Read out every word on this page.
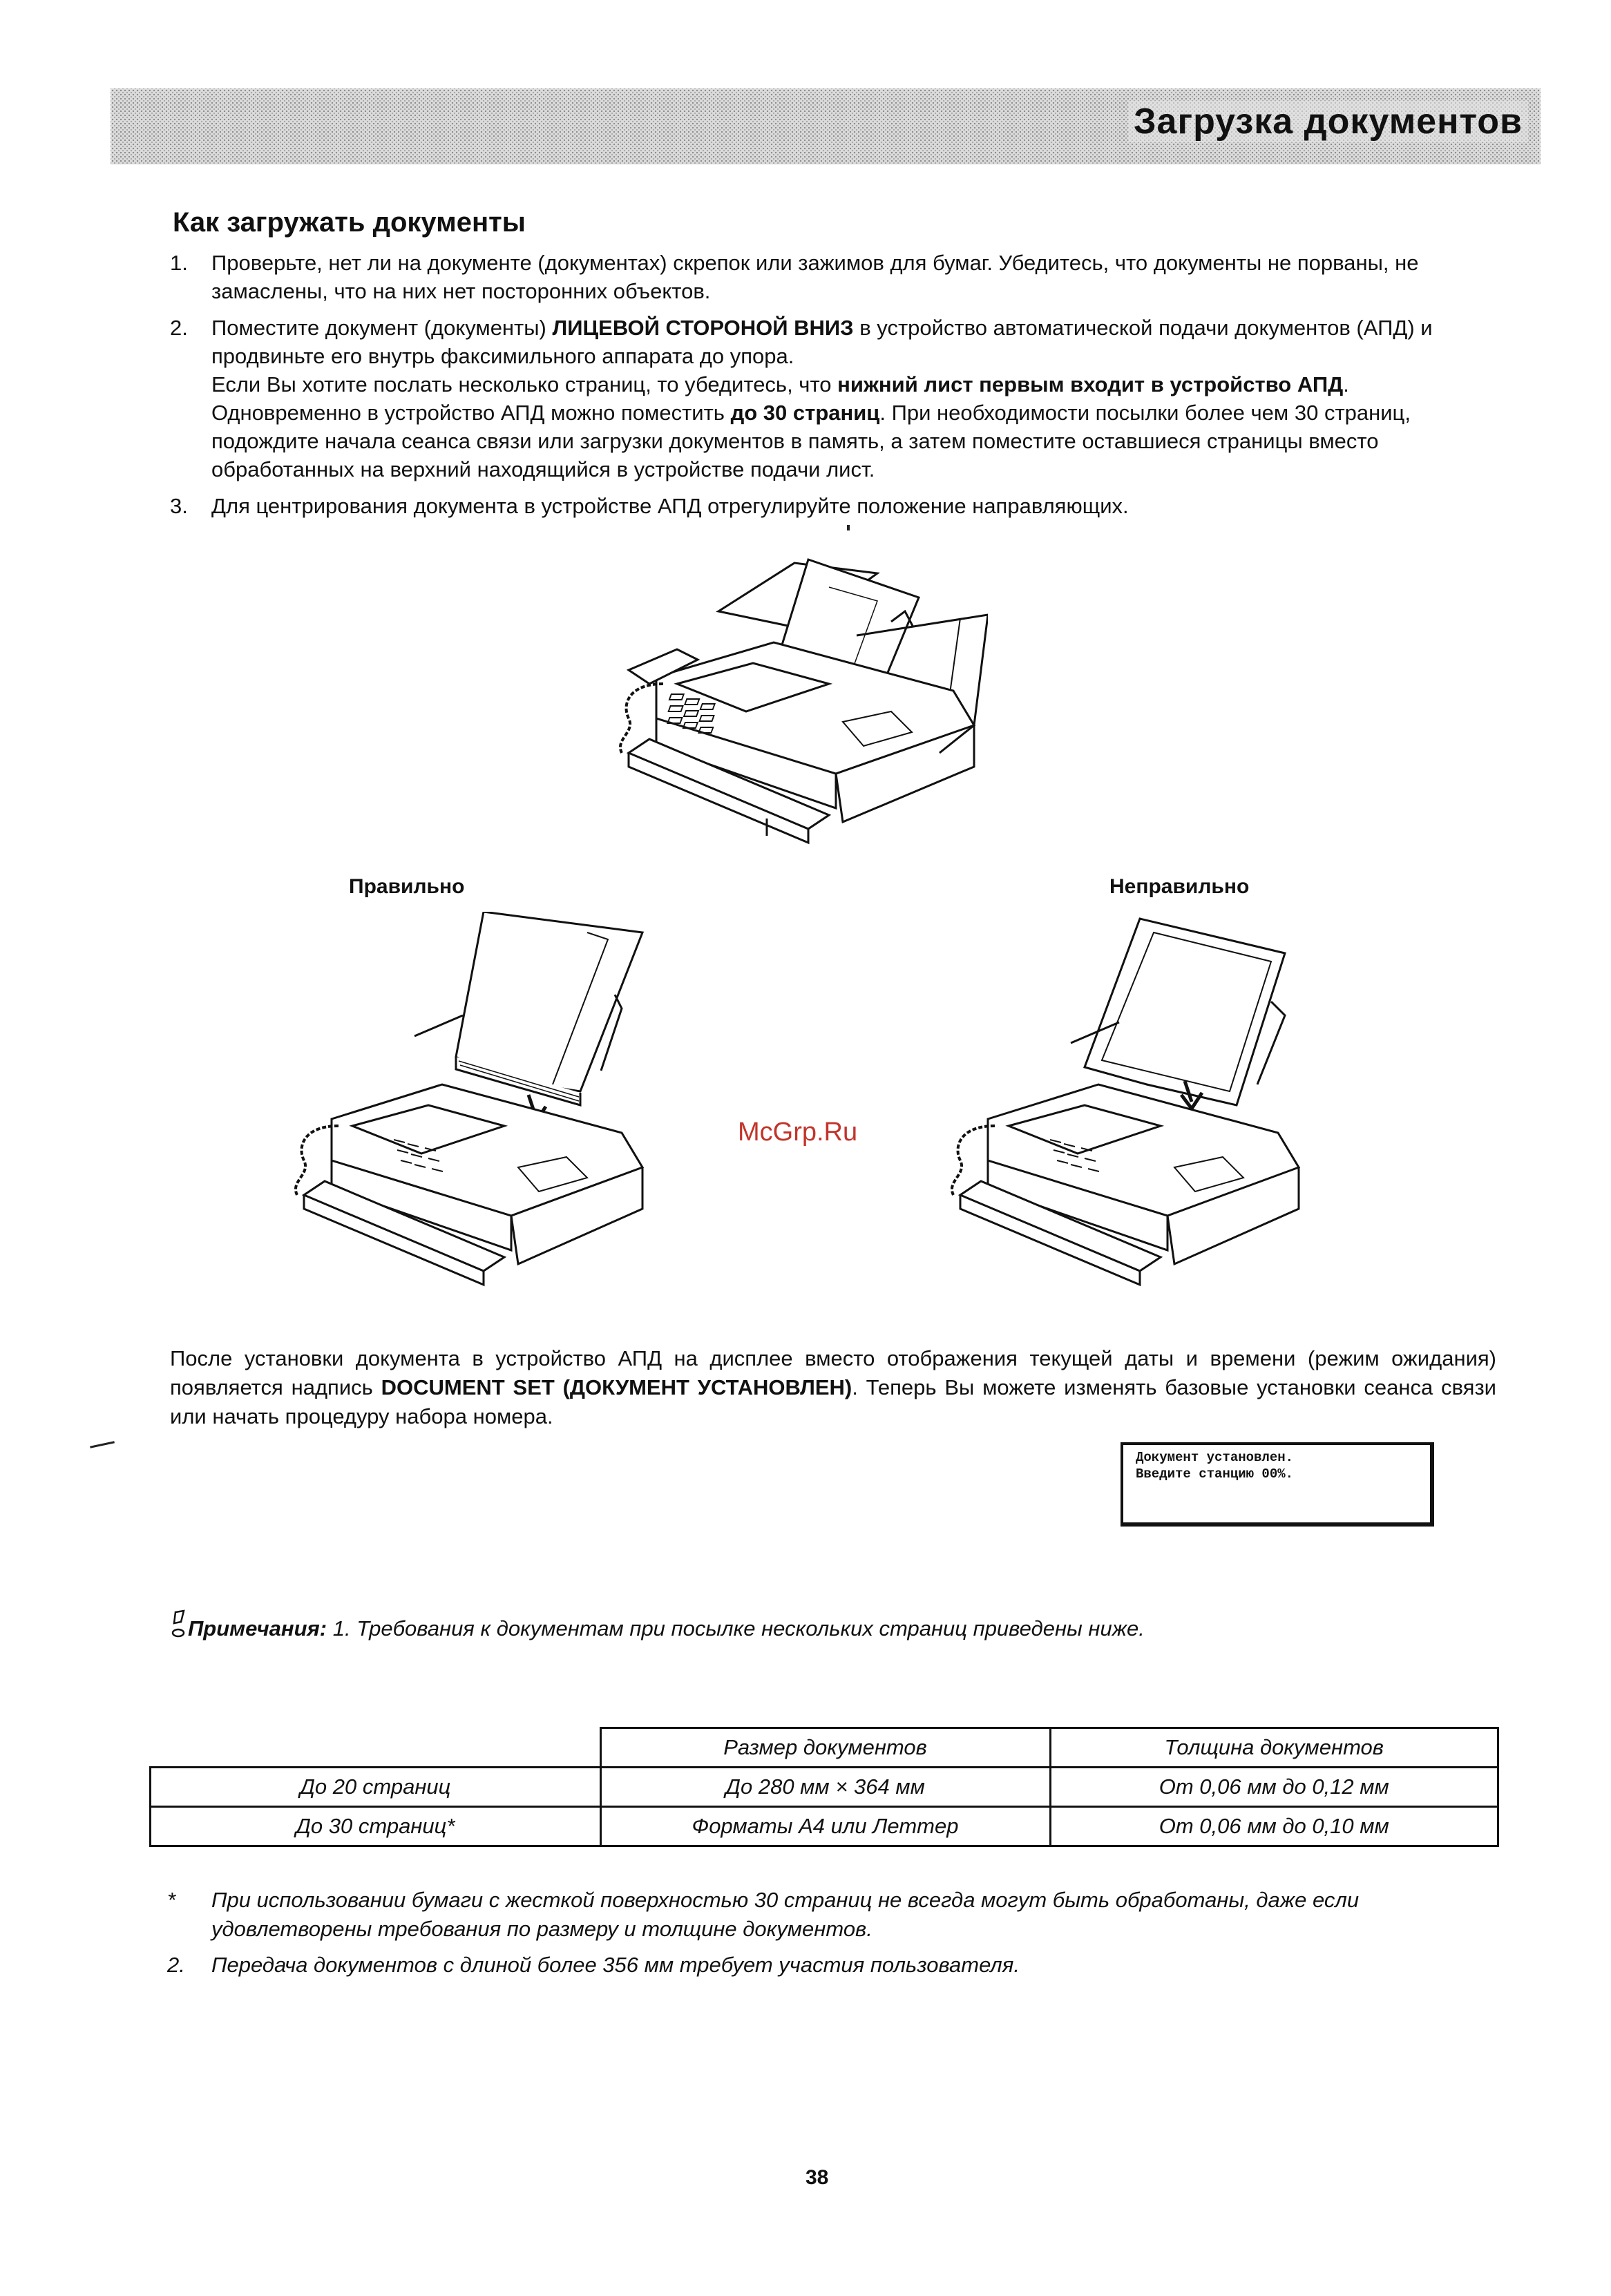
Загрузка документов
Как загружать документы
1. Проверьте, нет ли на документе (документах) скрепок или зажимов для бумаг. Убедитесь, что документы не порваны, не замаслены, что на них нет посторонних объектов.
2. Поместите документ (документы) ЛИЦЕВОЙ СТОРОНОЙ ВНИЗ в устройство автоматической подачи документов (АПД) и продвиньте его внутрь факсимильного аппарата до упора.
Если Вы хотите послать несколько страниц, то убедитесь, что нижний лист первым входит в устройство АПД. Одновременно в устройство АПД можно поместить до 30 страниц. При необходимости посылки более чем 30 страниц, подождите начала сеанса связи или загрузки документов в память, а затем поместите оставшиеся страницы вместо обработанных на верхний находящийся в устройстве подачи лист.
3. Для центрирования документа в устройстве АПД отрегулируйте положение направляющих.
Правильно	Неправильно
McGrp.Ru
После установки документа в устройство АПД на дисплее вместо отображения текущей даты и времени (режим ожидания) появляется надпись DOCUMENT SET (ДОКУМЕНТ УСТАНОВЛЕН). Теперь Вы можете изменять базовые установки сеанса связи или начать процедуру набора номера.
Документ установлен.
Введите станцию 00%.
Примечания: 1. Требования к документам при посылке нескольких страниц приведены ниже.
	Размер документов	Толщина документов
До 20 страниц	До 280 мм × 364 мм	От 0,06 мм до 0,12 мм
До 30 страниц*	Форматы А4 или Леттер	От 0,06 мм до 0,10 мм
* При использовании бумаги с жесткой поверхностью 30 страниц не всегда могут быть обработаны, даже если удовлетворены требования по размеру и толщине документов.
2. Передача документов с длиной более 356 мм требует участия пользователя.
38
